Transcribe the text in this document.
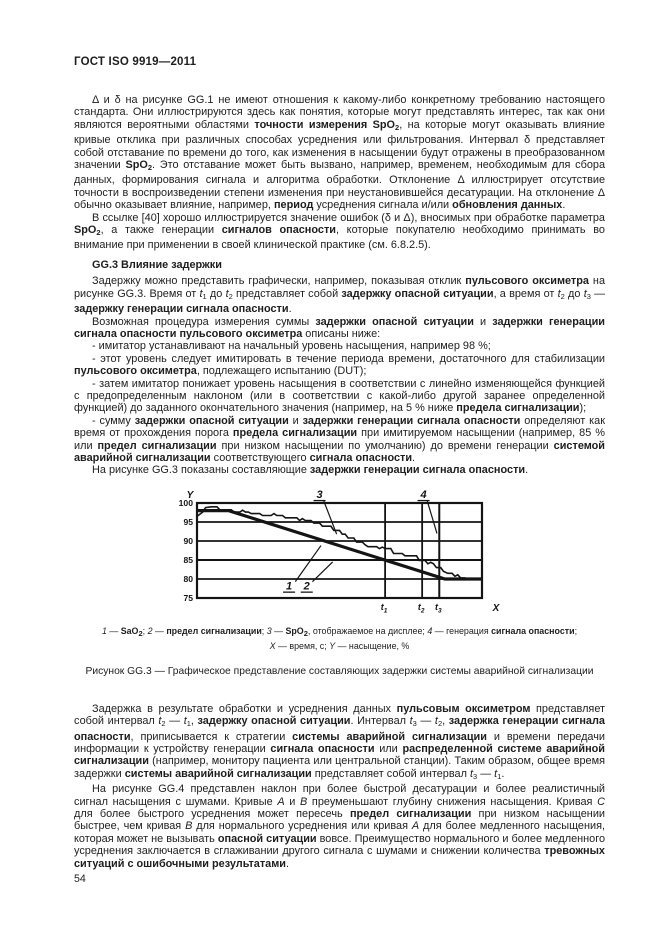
ГОСТ ISO 9919—2011

Δ и δ на рисунке GG.1 не имеют отношения к какому-либо конкретному требованию настоящего стандарта. Они иллюстрируются здесь как понятия, которые могут представлять интерес, так как они являются вероятными областями точности измерения SpO$_2$, на которые могут оказывать влияние кривые отклика при различных способах усреднения или фильтрования. Интервал δ представляет собой отставание по времени до того, как изменения в насыщении будут отражены в преобразованном значении SpO$_2$. Это отставание может быть вызвано, например, временем, необходимым для сбора данных, формирования сигнала и алгоритма обработки. Отклонение Δ иллюстрирует отсутствие точности в воспроизведении степени изменения при неустановившейся десатурации. На отклонение Δ обычно оказывает влияние, например, период усреднения сигнала и/или обновления данных.

В ссылке [40] хорошо иллюстрируется значение ошибок (δ и Δ), вносимых при обработке параметра SpO$_2$, а также генерации сигналов опасности, которые покупателю необходимо принимать во внимание при применении в своей клинической практике (см. 6.8.2.5).

GG.3 Влияние задержки

Задержку можно представить графически, например, показывая отклик пульсового оксиметра на рисунке GG.3. Время от $t_1$ до $t_2$ представляет собой задержку опасной ситуации, а время от $t_2$ до $t_3$ — задержку генерации сигнала опасности.

Возможная процедура измерения суммы задержки опасной ситуации и задержки генерации сигнала опасности пульсового оксиметра описаны ниже:

- имитатор устанавливают на начальный уровень насыщения, например 98 %;

- этот уровень следует имитировать в течение периода времени, достаточного для стабилизации пульсового оксиметра, подлежащего испытанию (DUT);

- затем имитатор понижает уровень насыщения в соответствии с линейно изменяющейся функцией с предопределенным наклоном (или в соответствии с какой-либо другой заранее определенной функцией) до заданного окончательного значения (например, на 5 % ниже предела сигнализации);

- сумму задержки опасной ситуации и задержки генерации сигнала опасности определяют как время от прохождения порога предела сигнализации при имитируемом насыщении (например, 85 % или предел сигнализации при низком насыщении по умолчанию) до времени генерации системой аварийной сигнализации соответствующего сигнала опасности.

На рисунке GG.3 показаны составляющие задержки генерации сигнала опасности.

100
95
90
85
80
75
Y
X
$t_1$	$t_2$ $t_3$
1 2
3	4
1 — SaO$_2$; 2 — предел сигнализации; 3 — SpO$_2$, отображаемое на дисплее; 4 — генерация сигнала опасности;
X — время, с; Y — насыщение, %
Рисунок GG.3 — Графическое представление составляющих задержки системы аварийной сигнализации

Задержка в результате обработки и усреднения данных пульсовым оксиметром представляет собой интервал $t_2$ — $t_1$, задержку опасной ситуации. Интервал $t_3$ — $t_2$, задержка генерации сигнала опасности, приписывается к стратегии системы аварийной сигнализации и времени передачи информации к устройству генерации сигнала опасности или распределенной системе аварийной сигнализации (например, монитору пациента или центральной станции). Таким образом, общее время задержки системы аварийной сигнализации представляет собой интервал $t_3$ — $t_1$.

На рисунке GG.4 представлен наклон при более быстрой десатурации и более реалистичный сигнал насыщения с шумами. Кривые A и B преуменьшают глубину снижения насыщения. Кривая C для более быстрого усреднения может пересечь предел сигнализации при низком насыщении быстрее, чем кривая B для нормального усреднения или кривая A для более медленного насыщения, которая может не вызывать опасной ситуации вовсе. Преимущество нормального и более медленного усреднения заключается в сглаживании другого сигнала с шумами и снижении количества тревожных ситуаций с ошибочными результатами.

54
